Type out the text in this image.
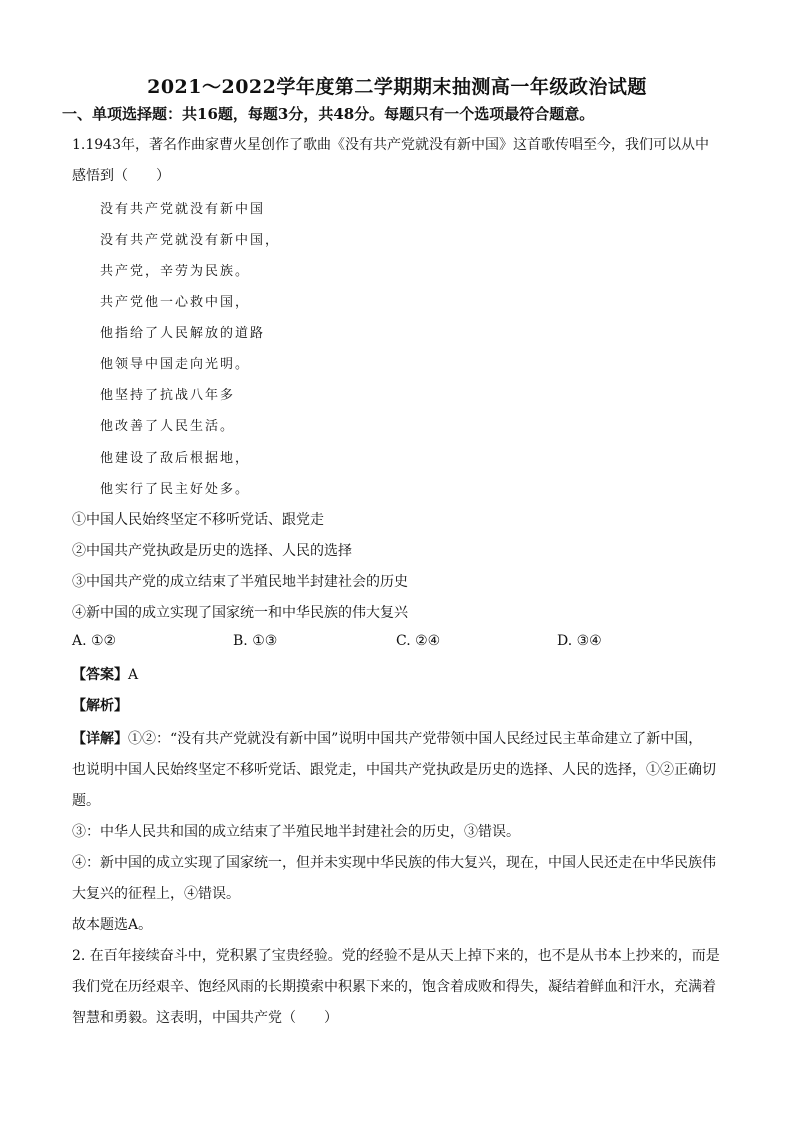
2021～2022学年度第二学期期末抽测高一年级政治试题
一、单项选择题：共16题，每题3分，共48分。每题只有一个选项最符合题意。
1.1943年，著名作曲家曹火星创作了歌曲《没有共产党就没有新中国》这首歌传唱至今，我们可以从中
感悟到（　　）
没有共产党就没有新中国
没有共产党就没有新中国，
共产党，辛劳为民族。
共产党他一心救中国，
他指给了人民解放的道路
他领导中国走向光明。
他坚持了抗战八年多
他改善了人民生活。
他建设了敌后根据地，
他实行了民主好处多。
①中国人民始终坚定不移听党话、跟党走
②中国共产党执政是历史的选择、人民的选择
③中国共产党的成立结束了半殖民地半封建社会的历史
④新中国的成立实现了国家统一和中华民族的伟大复兴
A. ①②	B. ①③	C. ②④	D. ③④
【答案】A
【解析】
【详解】①②：“没有共产党就没有新中国”说明中国共产党带领中国人民经过民主革命建立了新中国，
也说明中国人民始终坚定不移听党话、跟党走，中国共产党执政是历史的选择、人民的选择，①②正确切
题。
③：中华人民共和国的成立结束了半殖民地半封建社会的历史，③错误。
④：新中国的成立实现了国家统一，但并未实现中华民族的伟大复兴，现在，中国人民还走在中华民族伟
大复兴的征程上，④错误。
故本题选A。
2. 在百年接续奋斗中，党积累了宝贵经验。党的经验不是从天上掉下来的，也不是从书本上抄来的，而是
我们党在历经艰辛、饱经风雨的长期摸索中积累下来的，饱含着成败和得失，凝结着鲜血和汗水，充满着
智慧和勇毅。这表明，中国共产党（　　）
